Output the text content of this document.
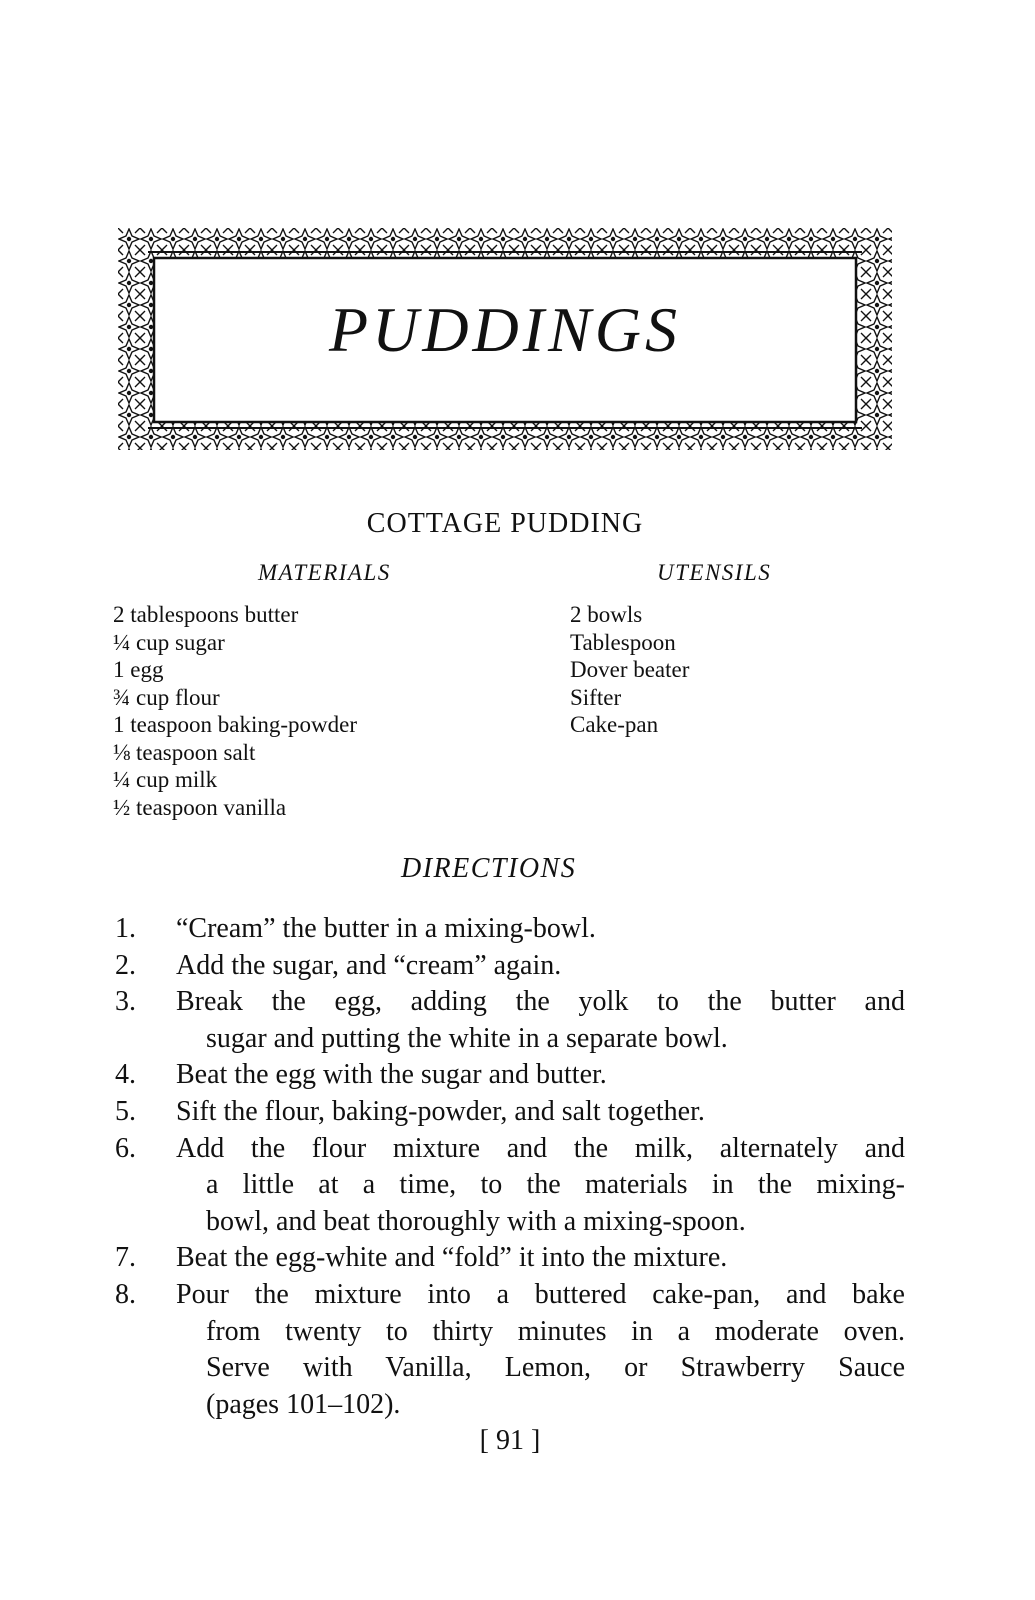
PUDDINGS
COTTAGE PUDDING
MATERIALS	UTENSILS
2 tablespoons butter
¼ cup sugar
1 egg
¾ cup flour
1 teaspoon baking-powder
⅛ teaspoon salt
¼ cup milk
½ teaspoon vanilla
2 bowls
Tablespoon
Dover beater
Sifter
Cake-pan
DIRECTIONS
1. “Cream” the butter in a mixing-bowl.
2. Add the sugar, and “cream” again.
3. Break the egg, adding the yolk to the butter and
sugar and putting the white in a separate bowl.
4. Beat the egg with the sugar and butter.
5. Sift the flour, baking-powder, and salt together.
6. Add the flour mixture and the milk, alternately and
a little at a time, to the materials in the mixing-
bowl, and beat thoroughly with a mixing-spoon.
7. Beat the egg-white and “fold” it into the mixture.
8. Pour the mixture into a buttered cake-pan, and bake
from twenty to thirty minutes in a moderate oven.
Serve with Vanilla, Lemon, or Strawberry Sauce
(pages 101–102).
[ 91 ]
